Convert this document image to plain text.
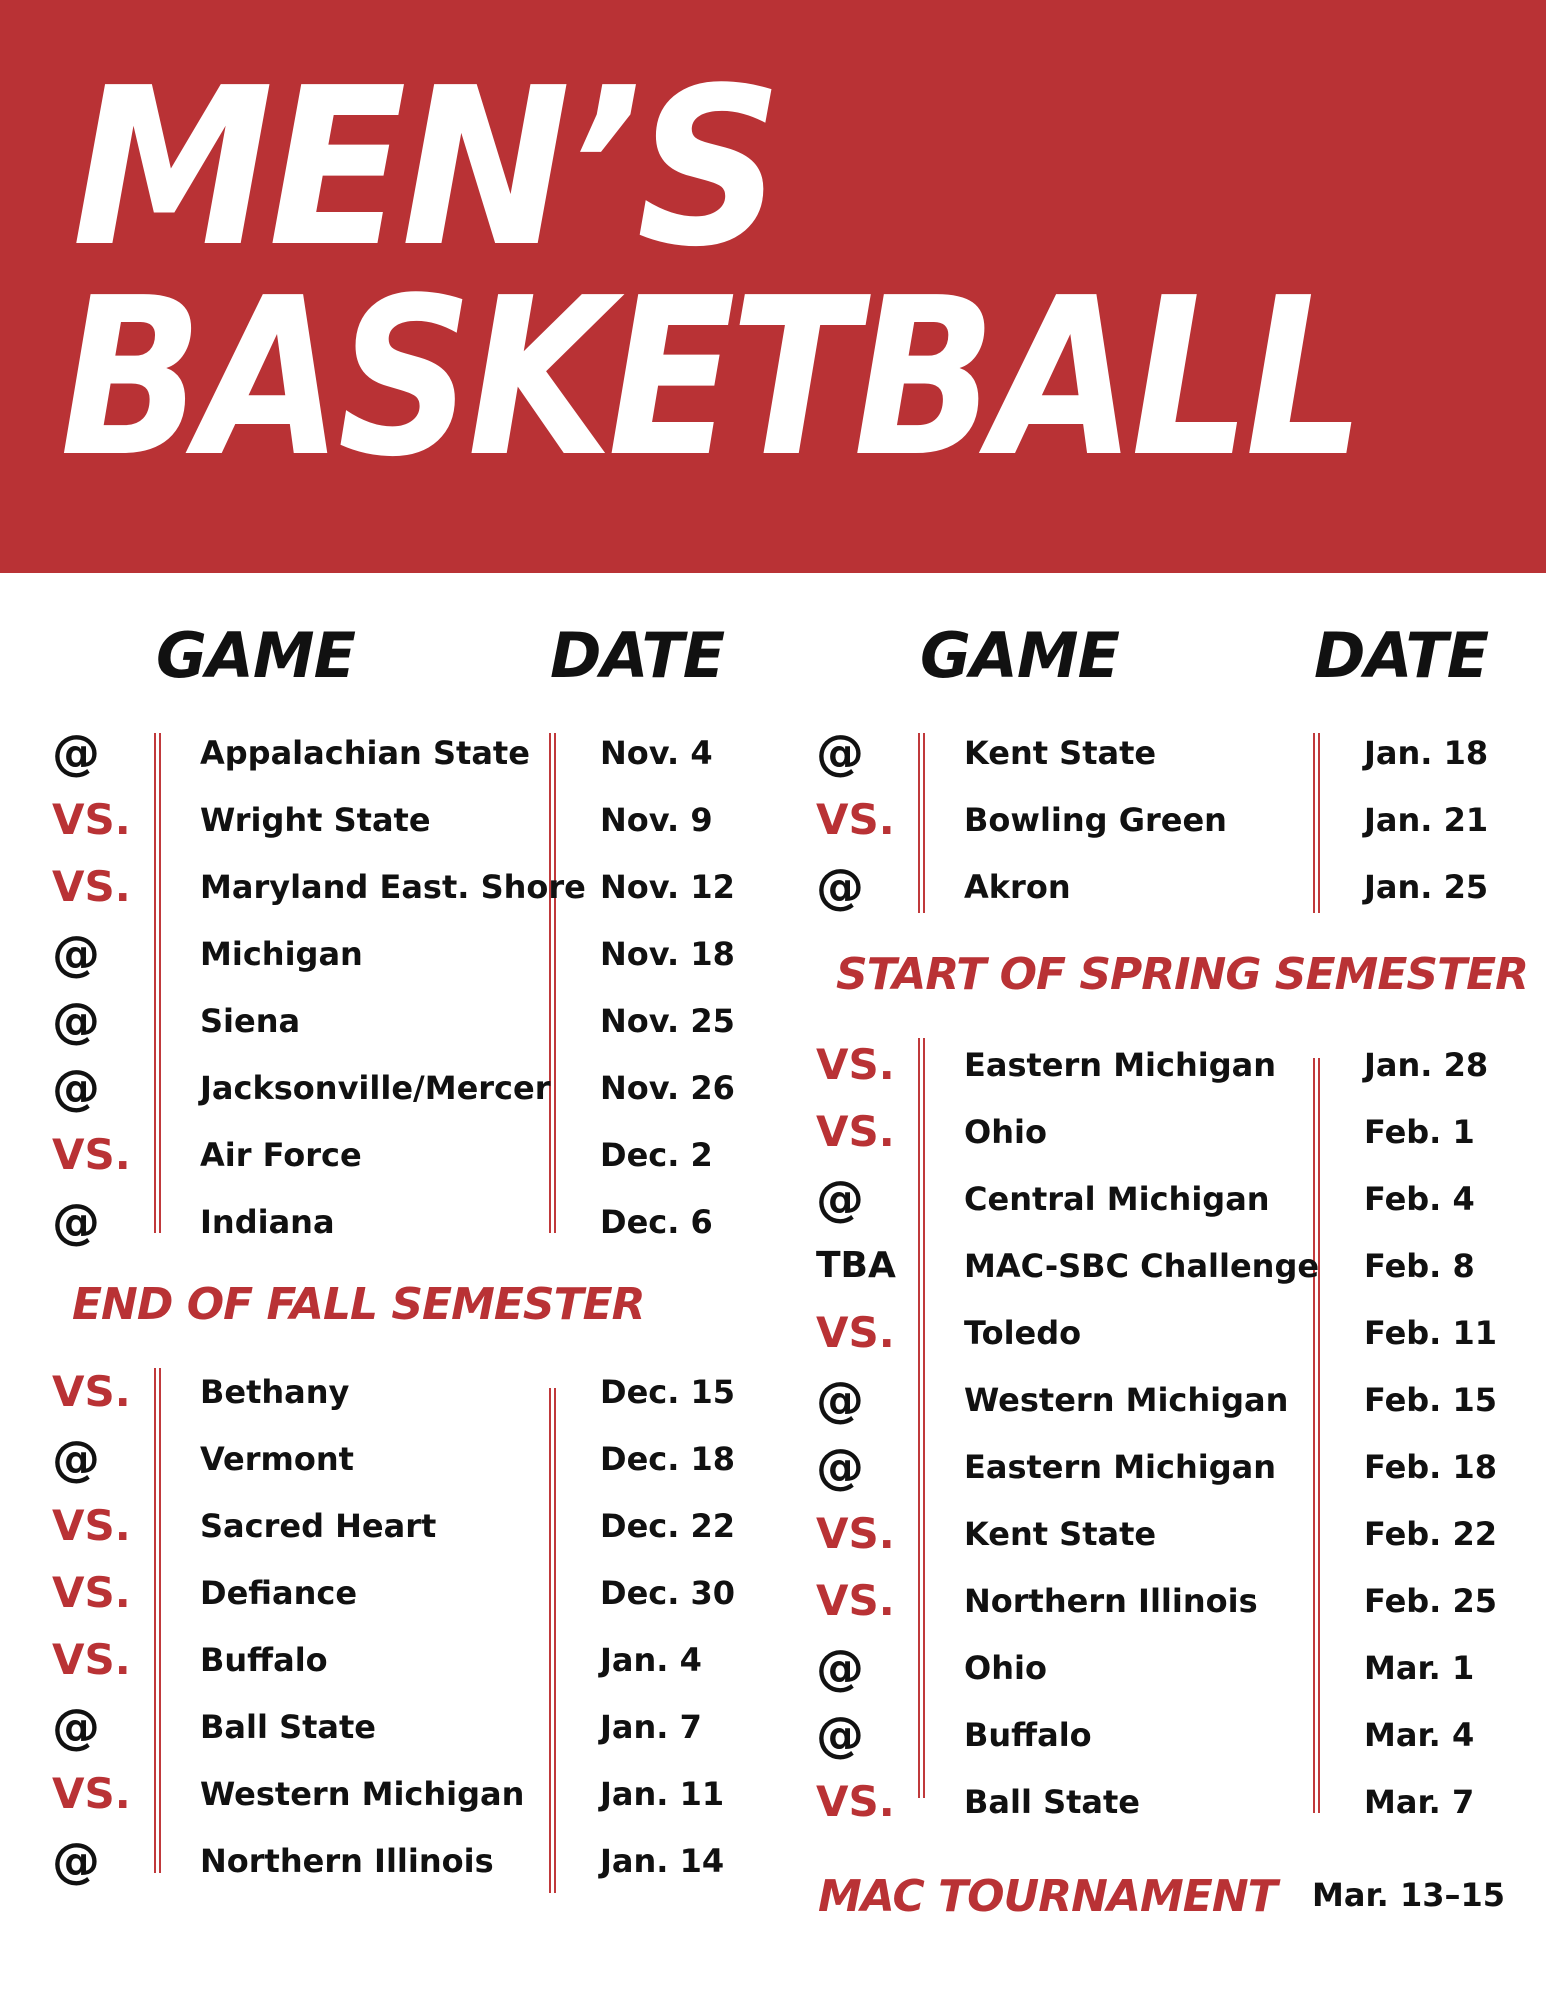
MEN’S
BASKETBALL
GAME	DATE
@	Appalachian State Nov. 4
VS. Wright State	Nov. 9
VS. Maryland East. Shore Nov. 12
@	Michigan	Nov. 18
@	Siena	Nov. 25
@	Jacksonville/Mercer Nov. 26
VS. Air Force	Dec. 2
@	Indiana	Dec. 6
END OF FALL SEMESTER
VS. Bethany	Dec. 15
@	Vermont	Dec. 18
VS. Sacred Heart	Dec. 22
VS. Defiance	Dec. 30
VS. Buffalo	Jan. 4
@	Ball State	Jan. 7
VS. Western Michigan Jan. 11
@	Northern Illinois	Jan. 14
GAME	DATE
@	Kent State	Jan. 18
VS. Bowling Green	Jan. 21
@	Akron	Jan. 25
START OF SPRING SEMESTER
VS. Eastern Michigan	Jan. 28
VS. Ohio	Feb. 1
@	Central Michigan	Feb. 4
TBA MAC-SBC Challenge Feb. 8
VS. Toledo	Feb. 11
@	Western Michigan Feb. 15
@	Eastern Michigan	Feb. 18
VS. Kent State	Feb. 22
VS. Northern Illinois	Feb. 25
@	Ohio	Mar. 1
@	Buffalo	Mar. 4
VS. Ball State	Mar. 7
MAC TOURNAMENT Mar. 13–15
